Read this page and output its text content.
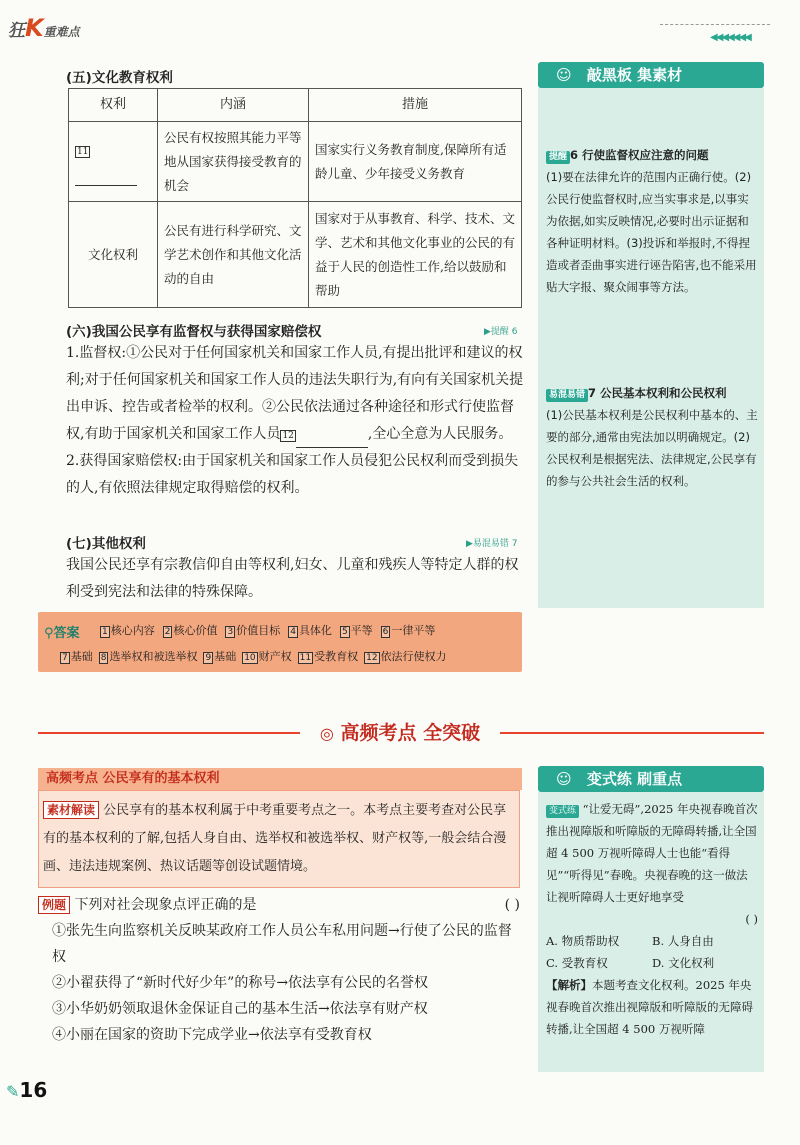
狂K重难点	◀◀◀◀◀◀◀
(五)文化教育权利
权利	内涵	措施
11	公民有权按照其能力平等地从国家获得接受教育的机会	国家实行义务教育制度,保障所有适龄儿童、少年接受义务教育
文化权利	公民有进行科学研究、文学艺术创作和其他文化活动的自由	国家对于从事教育、科学、技术、文学、艺术和其他文化事业的公民的有益于人民的创造性工作,给以鼓励和帮助
(六)我国公民享有监督权与获得国家赔偿权	▶提醒 6
1.监督权:①公民对于任何国家机关和国家工作人员,有提出批评和建议的权利;对于任何国家机关和国家工作人员的违法失职行为,有向有关国家机关提出申诉、控告或者检举的权利。②公民依法通过各种途径和形式行使监督权,有助于国家机关和国家工作人员 12	,全心全意为人民服务。
2.获得国家赔偿权:由于国家机关和国家工作人员侵犯公民权利而受到损失的人,有依照法律规定取得赔偿的权利。
(七)其他权利	▶易混易错 7
我国公民还享有宗教信仰自由等权利,妇女、儿童和残疾人等特定人群的权利受到宪法和法律的特殊保障。
⚲答案 1 核心内容 2 核心价值 3 价值目标 4 具体化 5 平等 6 一律平等
7 基础 8 选举权和被选举权 9 基础 10 财产权 11 受教育权 12 依法行使权力
☺ 敲黑板 集素材
提醒 6 行使监督权应注意的问题
(1)要在法律允许的范围内正确行使。(2)公民行使监督权时,应当实事求是,以事实为依据,如实反映情况,必要时出示证据和各种证明材料。(3)投诉和举报时,不得捏造或者歪曲事实进行诬告陷害,也不能采用贴大字报、聚众闹事等方法。
易混易错 7 公民基本权利和公民权利
(1)公民基本权利是公民权利中基本的、主要的部分,通常由宪法加以明确规定。(2)公民权利是根据宪法、法律规定,公民享有的参与公共社会生活的权利。
◎ 高频考点 全突破
高频考点 公民享有的基本权利
素材解读 公民享有的基本权利属于中考重要考点之一。本考点主要考查对公民享有的基本权利的了解,包括人身自由、选举权和被选举权、财产权等,一般会结合漫画、违法违规案例、热议话题等创设试题情境。
例题 下列对社会现象点评正确的是	( )
①张先生向监察机关反映某政府工作人员公车私用问题→行使了公民的监督权
②小翟获得了“新时代好少年”的称号→依法享有公民的名誉权
③小华奶奶领取退休金保证自己的基本生活→依法享有财产权
④小丽在国家的资助下完成学业→依法享有受教育权
☺ 变式练 刷重点
变式练 “让爱无碍”,2025 年央视春晚首次推出视障版和听障版的无障碍转播,让全国超 4 500 万视听障碍人士也能“看得见”“听得见”春晚。央视春晚的这一做法让视听障碍人士更好地享受
( )
A. 物质帮助权	B. 人身自由
C. 受教育权	D. 文化权利
【解析】本题考查文化权利。2025 年央视春晚首次推出视障版和听障版的无障碍转播,让全国超 4 500 万视听障
✎16
